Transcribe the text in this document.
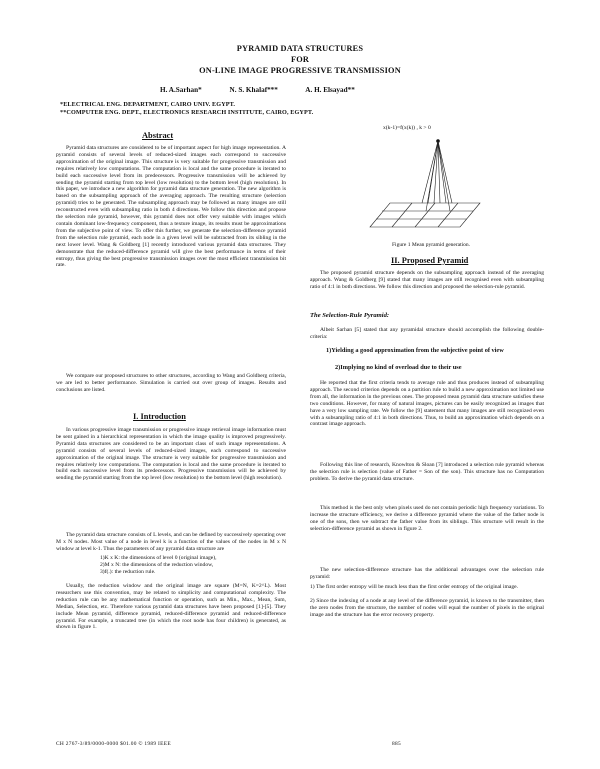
PYRAMID DATA STRUCTURES
FOR
ON-LINE IMAGE PROGRESSIVE TRANSMISSION
H. A.Sarhan*	N. S. Khalaf***	A. H. Elsayad**
*ELECTRICAL ENG. DEPARTMENT, CAIRO UNIV. EGYPT.
**COMPUTER ENG. DEPT., ELECTRONICS RESEARCH INSTITUTE, CAIRO, EGYPT.
Abstract
Pyramid data structures are considered to be of important aspect for high image representation. A pyramid consists of several levels of reduced-sized images each correspond to successive approximation of the original image. This structure is very suitable for progressive transmission and requires relatively low computations. The computation is local and the same procedure is iterated to build each successive level from its predecessors. Progressive transmission will be achieved by sending the pyramid starting from top level (low resolution) to the bottom level (high resolution). In this paper, we introduce a new algorithm for pyramid data structure generation. The new algorithm is based on the subsampling approach of the averaging approach. The resulting structure (selection pyramid) tries to be generated. The subsampling approach may be followed as many images are still reconstructed even with subsampling ratio in both 4 directions. We follow this direction and propose the selection rule pyramid, however, this pyramid does not offer very suitable with images which contain dominant low-frequency component, thus a texture image, its results must be approximations from the subjective point of view. To offer this further, we generate the selection-difference pyramid from the selection rule pyramid, each node in a given level will be subtracted from its sibling in the next lower level. Wang & Goldberg [1] recently introduced various pyramid data structures. They demonstrate that the reduced-difference pyramid will give the best performance in terms of their entropy, thus giving the best progressive transmission images over the most efficient transmission bit rate.
We compare our proposed structures to other structures, according to Wang and Goldberg criteria, we are led to better performance. Simulation is carried out over group of images. Results and conclusions are listed.
I. Introduction
In various progressive image transmission or progressive image retrieval image information must be sent gained in a hierarchical representation in which the image quality is improved progressively. Pyramid data structures are considered to be an important class of such image representations. A pyramid consists of several levels of reduced-sized images, each correspond to successive approximation of the original image. The structure is very suitable for progressive transmission and requires relatively low computations. The computation is local and the same procedure is iterated to build each successive level from its predecessors. Progressive transmission will be achieved by sending the pyramid starting from the top level (low resolution) to the bottom level (high resolution).
The pyramid data structure consists of L levels, and can be defined by successively operating over M x N nodes. Most value of a node in level k is a function of the values of the nodes in M x N window at level k-1. Thus the parameters of any pyramid data structure are
1)K x K: the dimensions of level 0 (original image),
2)M x N: the dimensions of the reduction window,
3)f(.): the reduction rule.
Usually, the reduction window and the original image are square (M=N, K=2^L). Most researchers use this convention, may be related to simplicity and computational complexity. The reduction rule can be any mathematical function or operation, such as Min., Max., Mean, Sum, Median, Selection, etc. Therefore various pyramid data structures have been proposed [1]-[5]. They include Mean pyramid, difference pyramid, reduced-difference pyramid and reduced-difference pyramid. For example, a truncated tree (in which the root node has four children) is generated, as shown in figure 1.
x(k-1)=f(x(k)) , k > 0
Figure 1 Mean pyramid generation.
II. Proposed Pyramid
The proposed pyramid structure depends on the subsampling approach instead of the averaging approach. Wang & Goldberg [9] stated that many images are still recognised even with subsampling ratio of 4:1 in both directions. We follow this direction and proposed the selection-rule pyramid.
The Selection-Rule Pyramid:
Albeit Sarhan [5] stated that any pyramidal structure should accomplish the following double-criteria:
1)Yielding a good approximation from the subjective point of view
2)Implying no kind of overload due to their use
He reported that the first criteria tends to average rule and thus produces instead of subsampling approach. The second criterion depends on a partition rule to build a new approximation not limited use from all, the information in the previous ones. The proposed mean pyramid data structure satisfies these two conditions. However, for many of natural images, pictures can be easily recognized as images that have a very low sampling rate. We follow the [9] statement that many images are still recognized even with a subsampling ratio of 4:1 in both directions. Thus, to build an approximation which depends on a contrast image approach.
Following this line of research, Knowlton & Sloan [7] introduced a selection rule pyramid whereas the selection rule is selection (value of Father = Son of the son). This structure has no Computation problem. To derive the pyramid data structure.
This method is the best only when pixels used do not contain periodic high frequency variations. To increase the structure efficiency, we derive a difference pyramid where the value of the father node is one of the sons, then we subtract the father value from its siblings. This structure will result in the selection-difference pyramid as shown in figure 2.
The new selection-difference structure has the additional advantages over the selection rule pyramid:
1) The first order entropy will be much less than the first order entropy of the original image.
2) Since the indexing of a node at any level of the difference pyramid, is known to the transmitter, then the zero nodes from the structure, the number of nodes will equal the number of pixels in the original image and the structure has the error recovery property.
CH 2767-3/89/0000-0000 $01.00 © 1989 IEEE	885
